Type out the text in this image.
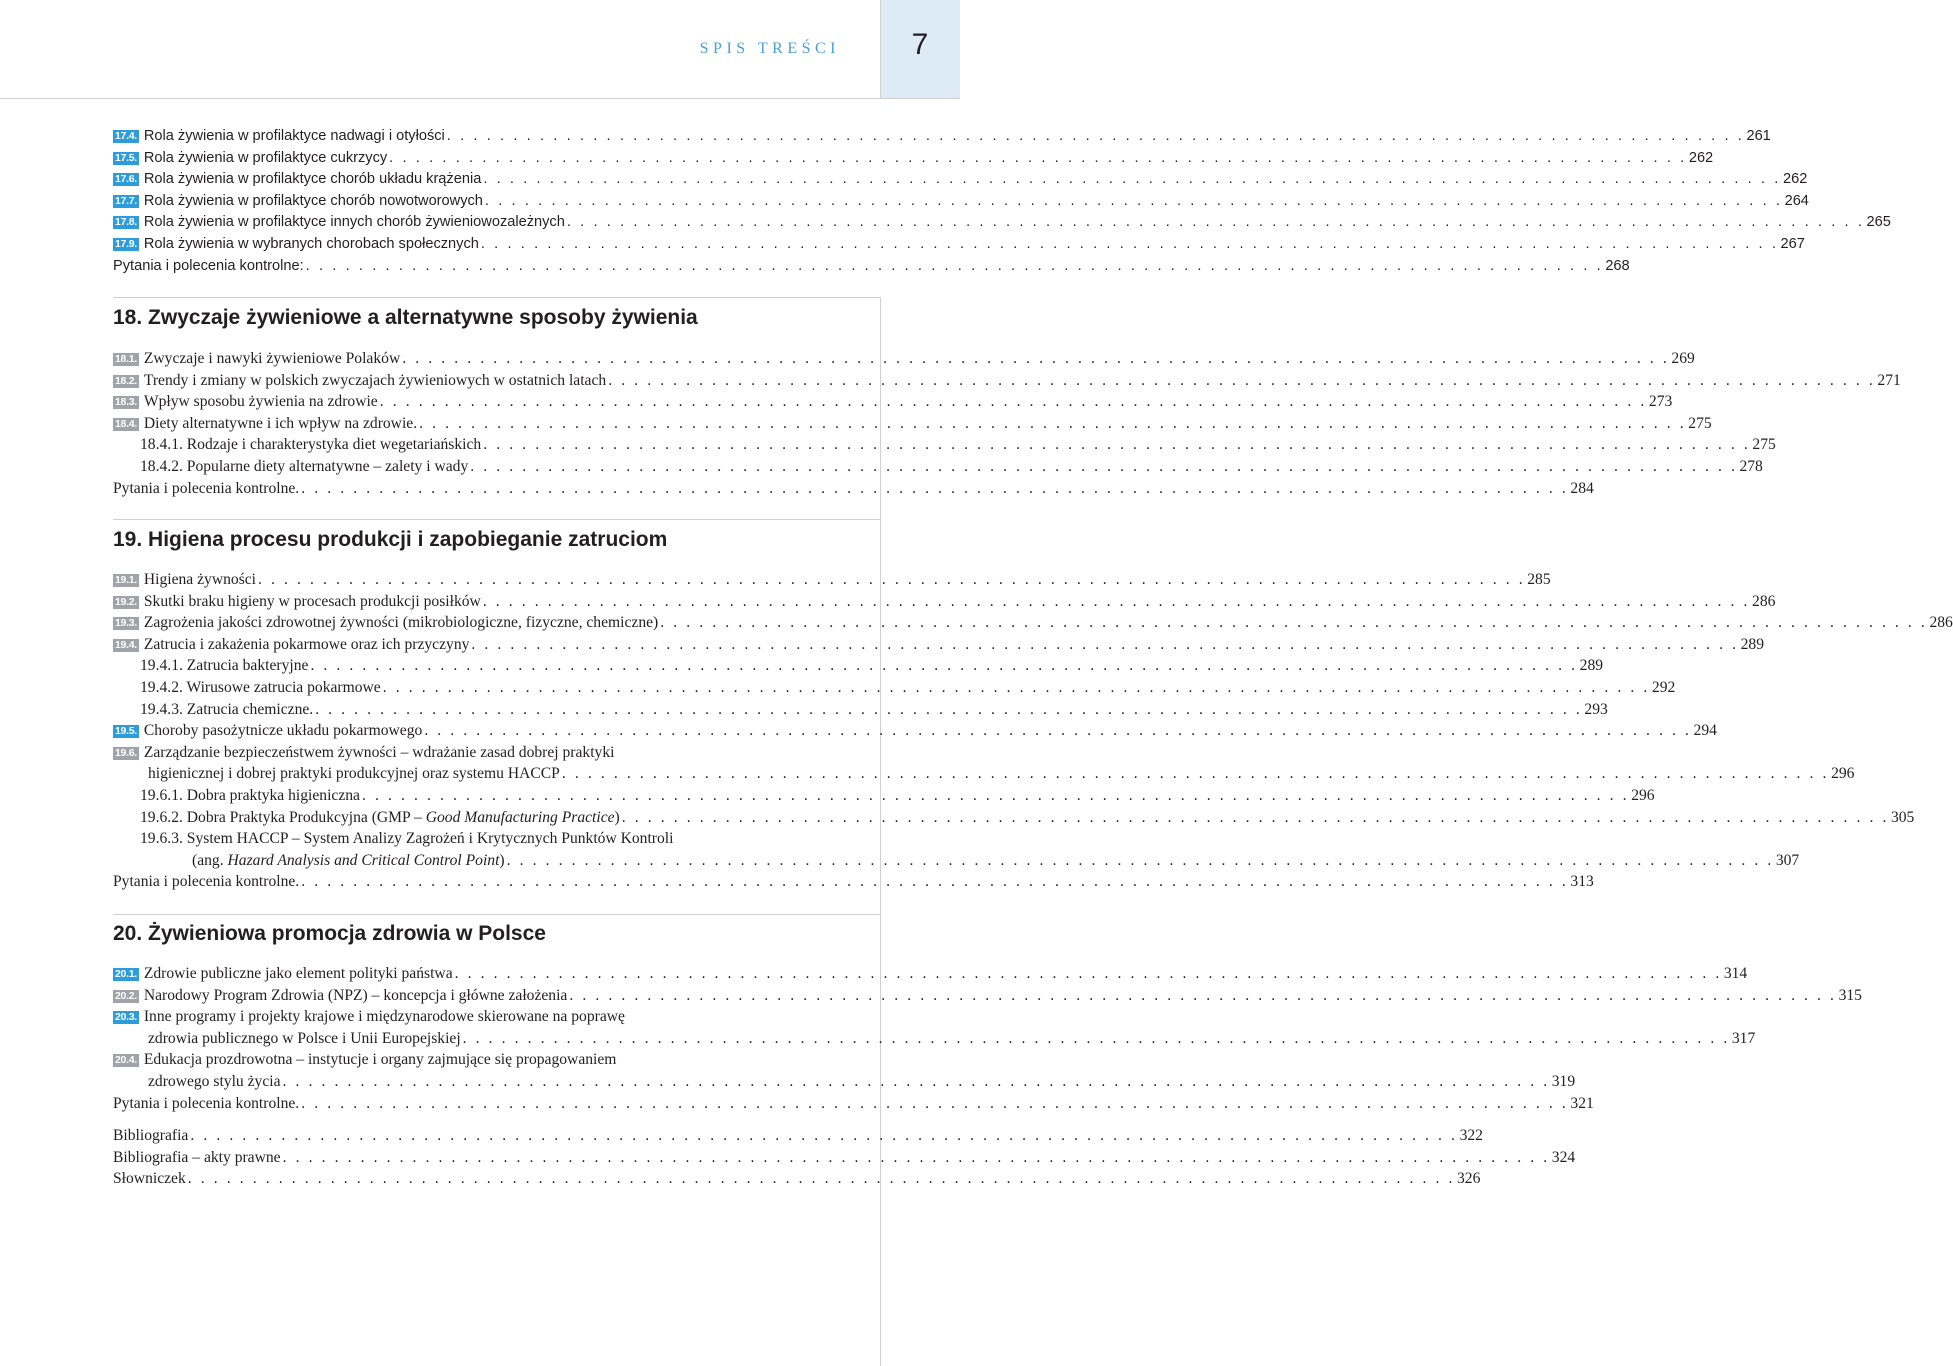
7
SPIS TREŚCI
17.4. Rola żywienia w profilaktyce nadwagi i otyłości . . . . . . . . . . . . . . . . . . . . . . . . . . . . . . . . . . . . . . . . . . . . . . . . . . . . . . . . . . . . . . . . . . . . . . . . . . . . . . . . . . . . . . . . . . . . . . . . . . 261
17.5. Rola żywienia w profilaktyce cukrzycy . . . . . . . . . . . . . . . . . . . . . . . . . . . . . . . . . . . . . . . . . . . . . . . . . . . . . . . . . . . . . . . . . . . . . . . . . . . . . . . . . . . . . . . . . . . . . . . . . . 262
17.6. Rola żywienia w profilaktyce chorób układu krążenia . . . . . . . . . . . . . . . . . . . . . . . . . . . . . . . . . . . . . . . . . . . . . . . . . . . . . . . . . . . . . . . . . . . . . . . . . . . . . . . . . . . . . . . . . . . . . . . . . . 262
17.7. Rola żywienia w profilaktyce chorób nowotworowych . . . . . . . . . . . . . . . . . . . . . . . . . . . . . . . . . . . . . . . . . . . . . . . . . . . . . . . . . . . . . . . . . . . . . . . . . . . . . . . . . . . . . . . . . . . . . . . . . . 264
17.8. Rola żywienia w profilaktyce innych chorób żywieniowozależnych . . . . . . . . . . . . . . . . . . . . . . . . . . . . . . . . . . . . . . . . . . . . . . . . . . . . . . . . . . . . . . . . . . . . . . . . . . . . . . . . . . . . . . . . . . . . . . . . . . 265
17.9. Rola żywienia w wybranych chorobach społecznych . . . . . . . . . . . . . . . . . . . . . . . . . . . . . . . . . . . . . . . . . . . . . . . . . . . . . . . . . . . . . . . . . . . . . . . . . . . . . . . . . . . . . . . . . . . . . . . . . . 267
Pytania i polecenia kontrolne: . . . . . . . . . . . . . . . . . . . . . . . . . . . . . . . . . . . . . . . . . . . . . . . . . . . . . . . . . . . . . . . . . . . . . . . . . . . . . . . . . . . . . . . . . . . . . . . . . . 268
18. Zwyczaje żywieniowe a alternatywne sposoby żywienia
18.1. Zwyczaje i nawyki żywieniowe Polaków . . . . . . . . . . . . . . . . . . . . . . . . . . . . . . . . . . . . . . . . . . . . . . . . . . . . . . . . . . . . . . . . . . . . . . . . . . . . . . . . . . . . . . . . . . . . . . . . . . 269
18.2. Trendy i zmiany w polskich zwyczajach żywieniowych w ostatnich latach . . . . . . . . . . . . . . . . . . . . . . . . . . . . . . . . . . . . . . . . . . . . . . . . . . . . . . . . . . . . . . . . . . . . . . . . . . . . . . . . . . . . . . . . . . . . . . . . . . 271
18.3. Wpływ sposobu żywienia na zdrowie . . . . . . . . . . . . . . . . . . . . . . . . . . . . . . . . . . . . . . . . . . . . . . . . . . . . . . . . . . . . . . . . . . . . . . . . . . . . . . . . . . . . . . . . . . . . . . . . . . 273
18.4. Diety alternatywne i ich wpływ na zdrowie. . . . . . . . . . . . . . . . . . . . . . . . . . . . . . . . . . . . . . . . . . . . . . . . . . . . . . . . . . . . . . . . . . . . . . . . . . . . . . . . . . . . . . . . . . . . . . . . . . . 275
18.4.1. Rodzaje i charakterystyka diet wegetariańskich . . . . . . . . . . . . . . . . . . . . . . . . . . . . . . . . . . . . . . . . . . . . . . . . . . . . . . . . . . . . . . . . . . . . . . . . . . . . . . . . . . . . . . . . . . . . . . . . . . 275
18.4.2. Popularne diety alternatywne – zalety i wady . . . . . . . . . . . . . . . . . . . . . . . . . . . . . . . . . . . . . . . . . . . . . . . . . . . . . . . . . . . . . . . . . . . . . . . . . . . . . . . . . . . . . . . . . . . . . . . . . . 278
Pytania i polecenia kontrolne. . . . . . . . . . . . . . . . . . . . . . . . . . . . . . . . . . . . . . . . . . . . . . . . . . . . . . . . . . . . . . . . . . . . . . . . . . . . . . . . . . . . . . . . . . . . . . . . . . . 284
19. Higiena procesu produkcji i zapobieganie zatruciom
19.1. Higiena żywności . . . . . . . . . . . . . . . . . . . . . . . . . . . . . . . . . . . . . . . . . . . . . . . . . . . . . . . . . . . . . . . . . . . . . . . . . . . . . . . . . . . . . . . . . . . . . . . . . . 285
19.2. Skutki braku higieny w procesach produkcji posiłków . . . . . . . . . . . . . . . . . . . . . . . . . . . . . . . . . . . . . . . . . . . . . . . . . . . . . . . . . . . . . . . . . . . . . . . . . . . . . . . . . . . . . . . . . . . . . . . . . . 286
19.3. Zagrożenia jakości zdrowotnej żywności (mikrobiologiczne, fizyczne, chemiczne) . . . . . . . . . . . . . . . . . . . . . . . . . . . . . . . . . . . . . . . . . . . . . . . . . . . . . . . . . . . . . . . . . . . . . . . . . . . . . . . . . . . . . . . . . . . . . . . . . . 286
19.4. Zatrucia i zakażenia pokarmowe oraz ich przyczyny . . . . . . . . . . . . . . . . . . . . . . . . . . . . . . . . . . . . . . . . . . . . . . . . . . . . . . . . . . . . . . . . . . . . . . . . . . . . . . . . . . . . . . . . . . . . . . . . . . 289
19.4.1. Zatrucia bakteryjne . . . . . . . . . . . . . . . . . . . . . . . . . . . . . . . . . . . . . . . . . . . . . . . . . . . . . . . . . . . . . . . . . . . . . . . . . . . . . . . . . . . . . . . . . . . . . . . . . . 289
19.4.2. Wirusowe zatrucia pokarmowe . . . . . . . . . . . . . . . . . . . . . . . . . . . . . . . . . . . . . . . . . . . . . . . . . . . . . . . . . . . . . . . . . . . . . . . . . . . . . . . . . . . . . . . . . . . . . . . . . . 292
19.4.3. Zatrucia chemiczne. . . . . . . . . . . . . . . . . . . . . . . . . . . . . . . . . . . . . . . . . . . . . . . . . . . . . . . . . . . . . . . . . . . . . . . . . . . . . . . . . . . . . . . . . . . . . . . . . . . 293
19.5. Choroby pasożytnicze układu pokarmowego . . . . . . . . . . . . . . . . . . . . . . . . . . . . . . . . . . . . . . . . . . . . . . . . . . . . . . . . . . . . . . . . . . . . . . . . . . . . . . . . . . . . . . . . . . . . . . . . . . 294
19.6. Zarządzanie bezpieczeństwem żywności – wdrażanie zasad dobrej praktyki
higienicznej i dobrej praktyki produkcyjnej oraz systemu HACCP . . . . . . . . . . . . . . . . . . . . . . . . . . . . . . . . . . . . . . . . . . . . . . . . . . . . . . . . . . . . . . . . . . . . . . . . . . . . . . . . . . . . . . . . . . . . . . . . . . 296
19.6.1. Dobra praktyka higieniczna . . . . . . . . . . . . . . . . . . . . . . . . . . . . . . . . . . . . . . . . . . . . . . . . . . . . . . . . . . . . . . . . . . . . . . . . . . . . . . . . . . . . . . . . . . . . . . . . . . 296
19.6.2. Dobra Praktyka Produkcyjna (GMP – Good Manufacturing Practice) . . . . . . . . . . . . . . . . . . . . . . . . . . . . . . . . . . . . . . . . . . . . . . . . . . . . . . . . . . . . . . . . . . . . . . . . . . . . . . . . . . . . . . . . . . . . . . . . . . 305
19.6.3. System HACCP – System Analizy Zagrożeń i Krytycznych Punktów Kontroli
(ang. Hazard Analysis and Critical Control Point) . . . . . . . . . . . . . . . . . . . . . . . . . . . . . . . . . . . . . . . . . . . . . . . . . . . . . . . . . . . . . . . . . . . . . . . . . . . . . . . . . . . . . . . . . . . . . . . . . . 307
Pytania i polecenia kontrolne. . . . . . . . . . . . . . . . . . . . . . . . . . . . . . . . . . . . . . . . . . . . . . . . . . . . . . . . . . . . . . . . . . . . . . . . . . . . . . . . . . . . . . . . . . . . . . . . . . . 313
20. Żywieniowa promocja zdrowia w Polsce
20.1. Zdrowie publiczne jako element polityki państwa . . . . . . . . . . . . . . . . . . . . . . . . . . . . . . . . . . . . . . . . . . . . . . . . . . . . . . . . . . . . . . . . . . . . . . . . . . . . . . . . . . . . . . . . . . . . . . . . . . 314
20.2. Narodowy Program Zdrowia (NPZ) – koncepcja i główne założenia . . . . . . . . . . . . . . . . . . . . . . . . . . . . . . . . . . . . . . . . . . . . . . . . . . . . . . . . . . . . . . . . . . . . . . . . . . . . . . . . . . . . . . . . . . . . . . . . . . 315
20.3. Inne programy i projekty krajowe i międzynarodowe skierowane na poprawę
zdrowia publicznego w Polsce i Unii Europejskiej . . . . . . . . . . . . . . . . . . . . . . . . . . . . . . . . . . . . . . . . . . . . . . . . . . . . . . . . . . . . . . . . . . . . . . . . . . . . . . . . . . . . . . . . . . . . . . . . . . 317
20.4. Edukacja prozdrowotna – instytucje i organy zajmujące się propagowaniem
zdrowego stylu życia . . . . . . . . . . . . . . . . . . . . . . . . . . . . . . . . . . . . . . . . . . . . . . . . . . . . . . . . . . . . . . . . . . . . . . . . . . . . . . . . . . . . . . . . . . . . . . . . . . 319
Pytania i polecenia kontrolne. . . . . . . . . . . . . . . . . . . . . . . . . . . . . . . . . . . . . . . . . . . . . . . . . . . . . . . . . . . . . . . . . . . . . . . . . . . . . . . . . . . . . . . . . . . . . . . . . . . 321
Bibliografia . . . . . . . . . . . . . . . . . . . . . . . . . . . . . . . . . . . . . . . . . . . . . . . . . . . . . . . . . . . . . . . . . . . . . . . . . . . . . . . . . . . . . . . . . . . . . . . . . . 322
Bibliografia – akty prawne . . . . . . . . . . . . . . . . . . . . . . . . . . . . . . . . . . . . . . . . . . . . . . . . . . . . . . . . . . . . . . . . . . . . . . . . . . . . . . . . . . . . . . . . . . . . . . . . . . 324
Słowniczek . . . . . . . . . . . . . . . . . . . . . . . . . . . . . . . . . . . . . . . . . . . . . . . . . . . . . . . . . . . . . . . . . . . . . . . . . . . . . . . . . . . . . . . . . . . . . . . . . . 326
